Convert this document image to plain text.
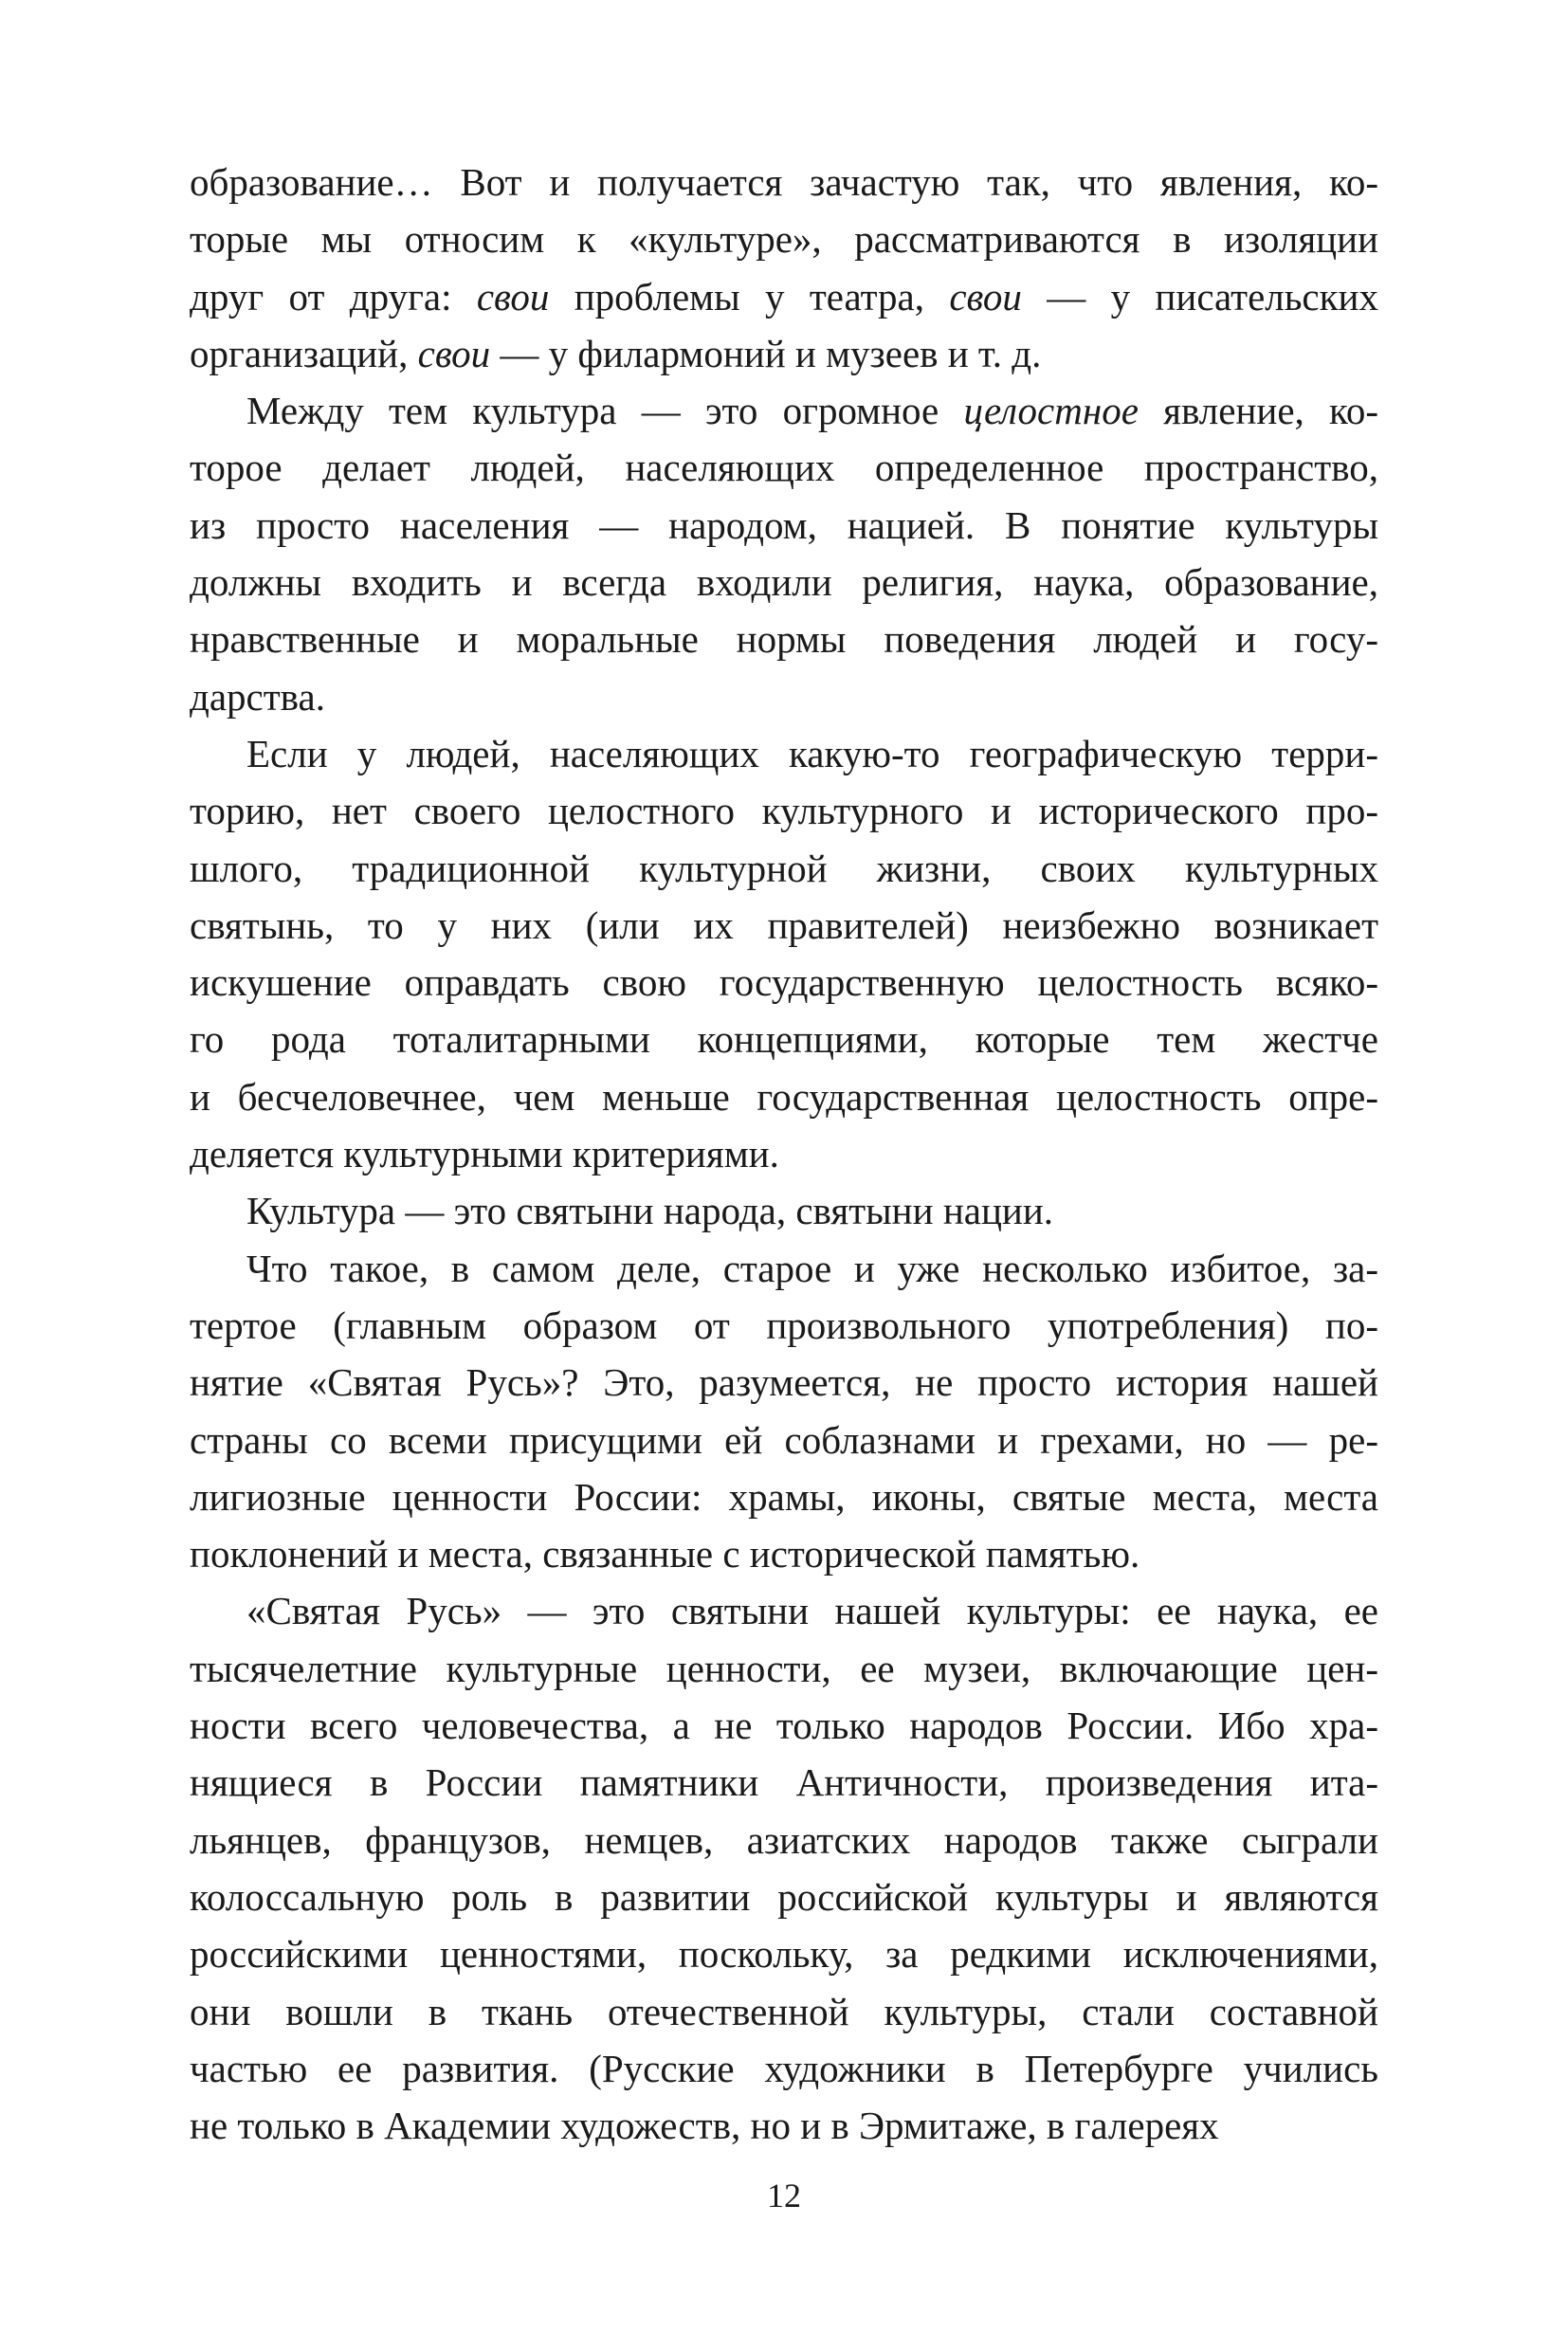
образование… Вот и получается зачастую так, что явления, ко-
торые мы относим к «культуре», рассматриваются в изоляции
друг от друга: свои проблемы у театра, свои — у писательских
организаций, свои — у филармоний и музеев и т. д.
Между тем культура — это огромное целостное явление, ко-
торое делает людей, населяющих определенное пространство,
из просто населения — народом, нацией. В понятие культуры
должны входить и всегда входили религия, наука, образование,
нравственные и моральные нормы поведения людей и госу-
дарства.
Если у людей, населяющих какую-то географическую терри-
торию, нет своего целостного культурного и исторического про-
шлого, традиционной культурной жизни, своих культурных
святынь, то у них (или их правителей) неизбежно возникает
искушение оправдать свою государственную целостность всяко-
го рода тоталитарными концепциями, которые тем жестче
и бесчеловечнее, чем меньше государственная целостность опре-
деляется культурными критериями.
Культура — это святыни народа, святыни нации.
Что такое, в самом деле, старое и уже несколько избитое, за-
тертое (главным образом от произвольного употребления) по-
нятие «Святая Русь»? Это, разумеется, не просто история нашей
страны со всеми присущими ей соблазнами и грехами, но — ре-
лигиозные ценности России: храмы, иконы, святые места, места
поклонений и места, связанные с исторической памятью.
«Святая Русь» — это святыни нашей культуры: ее наука, ее
тысячелетние культурные ценности, ее музеи, включающие цен-
ности всего человечества, а не только народов России. Ибо хра-
нящиеся в России памятники Античности, произведения ита-
льянцев, французов, немцев, азиатских народов также сыграли
колоссальную роль в развитии российской культуры и являются
российскими ценностями, поскольку, за редкими исключениями,
они вошли в ткань отечественной культуры, стали составной
частью ее развития. (Русские художники в Петербурге учились
не только в Академии художеств, но и в Эрмитаже, в галереях
12
